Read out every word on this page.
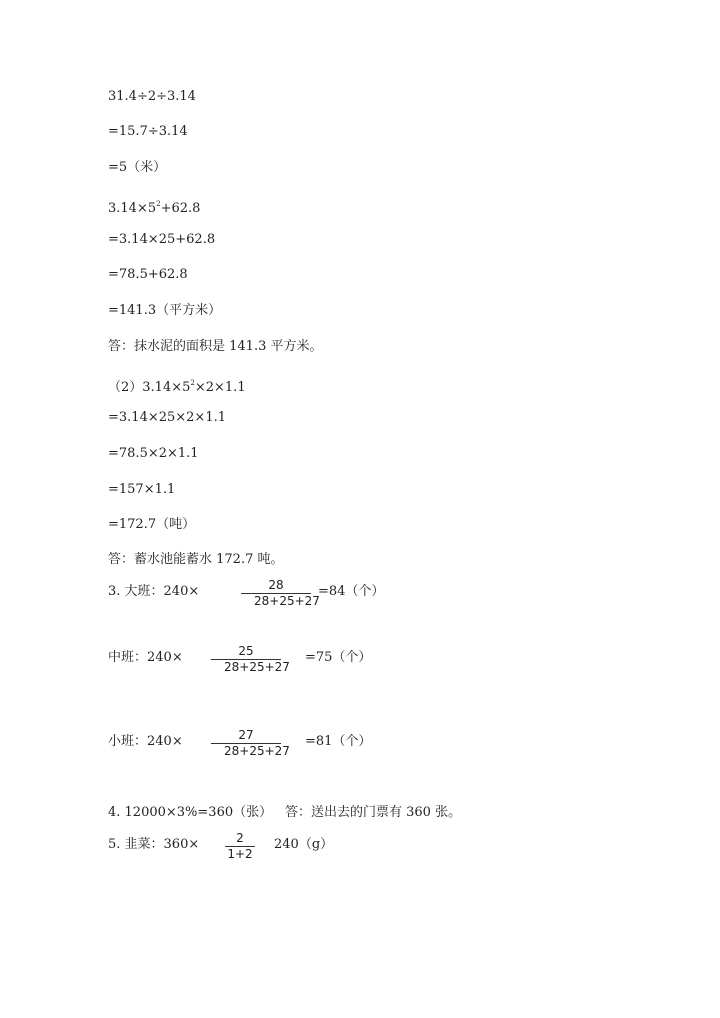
31.4÷2÷3.14
=15.7÷3.14
=5（米）
$3.14\times 5^2+62.8$
=3.14×25+62.8
=78.5+62.8
=141.3（平方米）
答：抹水泥的面积是 141.3 平方米。
$(2)3.14\times 5^2\times 2\times 1.1$
=3.14×25×2×1.1
=78.5×2×1.1
=157×1.1
=172.7（吨）
答：蓄水池能蓄水 172.7 吨。
3. 大班：240×	28
28+25+27
=84（个）
中班：240×	25
28+25+27
=75（个）
小班：240×	27
28+25+27
=81（个）
4. 12000×3%=360（张） 答：送出去的门票有 360 张。
5. 韭菜：360×	2
1+2
240（g）
